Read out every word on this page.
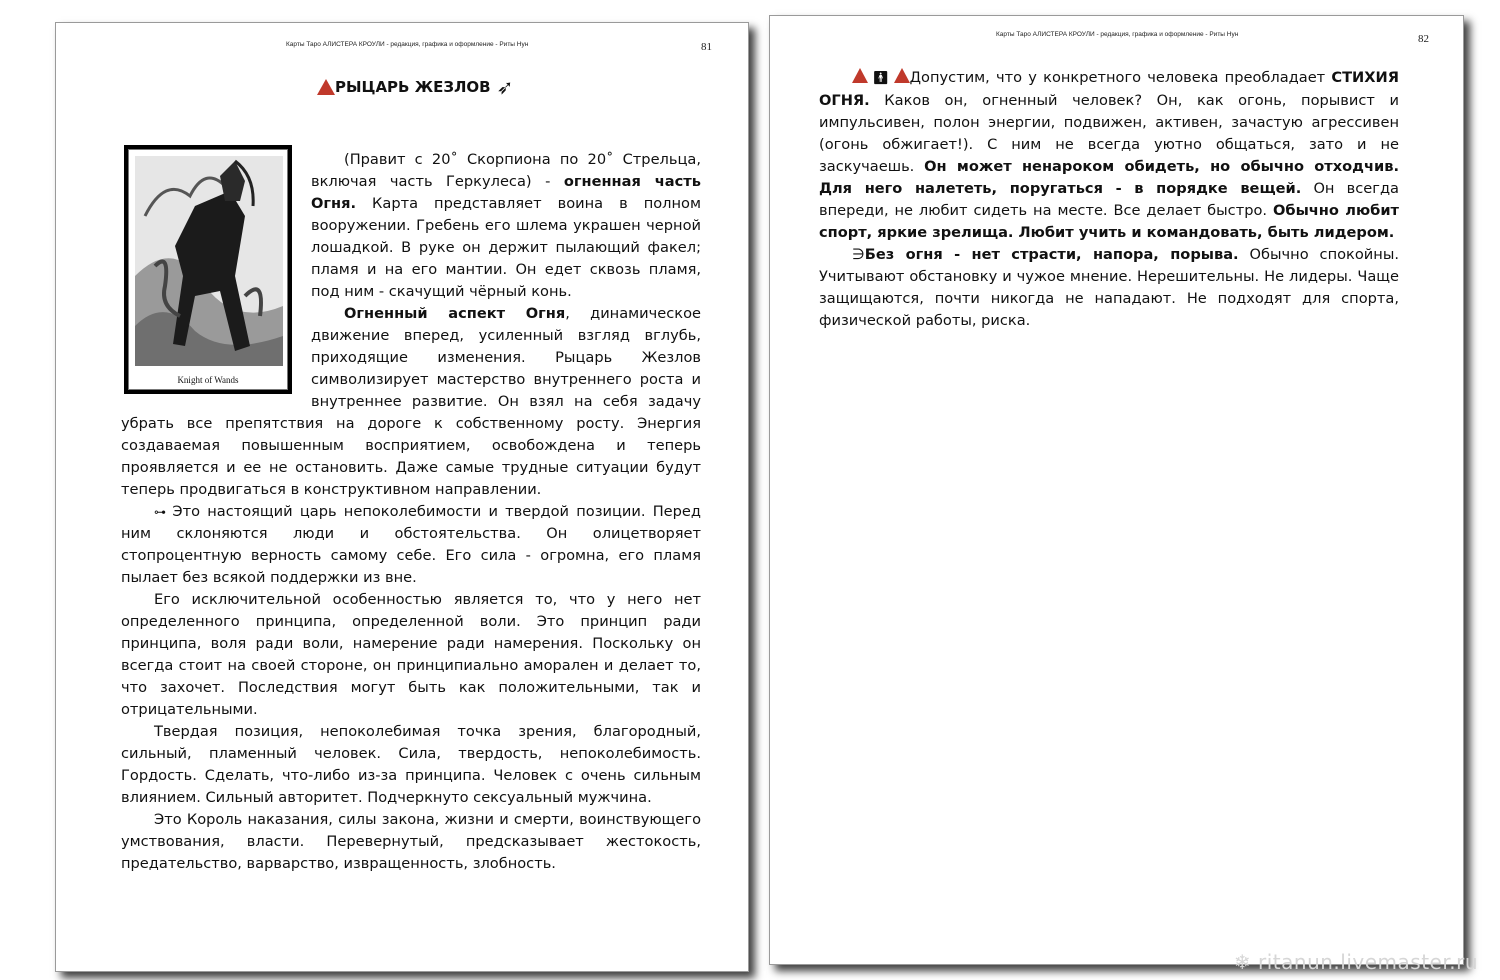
Карты Таро АЛИСТЕРА КРОУЛИ - редакция, графика и оформление - Риты Нун	81
РЫЦАРЬ ЖЕЗЛОВ ➶
Knight of Wands

(Правит с 20˚ Скорпиона по 20˚ Стрельца, включая часть Геркулеса) - огненная часть Огня. Карта представляет воина в полном вооружении. Гребень его шлема украшен черной лошадкой. В руке он держит пылающий факел; пламя и на его мантии. Он едет сквозь пламя, под ним - скачущий чёрный конь.

Огненный аспект Огня, динамическое движение вперед, усиленный взгляд вглубь, приходящие изменения. Рыцарь Жезлов символизирует мастерство внутреннего роста и внутреннее развитие. Он взял на себя задачу убрать все препятствия на дороге к собственному росту. Энергия создаваемая повышенным восприятием, освобождена и теперь проявляется и ее не остановить. Даже самые трудные ситуации будут теперь продвигаться в конструктивном направлении.

⊶ Это настоящий царь непоколебимости и твердой позиции. Перед ним склоняются люди и обстоятельства. Он олицетворяет стопроцентную верность самому себе. Его сила - огромна, его пламя пылает без всякой поддержки из вне.

Его исключительной особенностью является то, что у него нет определенного принципа, определенной воли. Это принцип ради принципа, воля ради воли, намерение ради намерения. Поскольку он всегда стоит на своей стороне, он принципиально аморален и делает то, что захочет. Последствия могут быть как положительными, так и отрицательными.

Твердая позиция, непоколебимая точка зрения, благородный, сильный, пламенный человек. Сила, твердость, непоколебимость. Гордость. Сделать, что-либо из-за принципа. Человек с очень сильным влиянием. Сильный авторитет. Подчеркнуто сексуальный мужчина.

Это Король наказания, силы закона, жизни и смерти, воинствующего умствования, власти. Перевернутый, предсказывает жестокость, предательство, варварство, извращенность, злобность.

Карты Таро АЛИСТЕРА КРОУЛИ - редакция, графика и оформление - Риты Нун	82

🚹︎ Допустим, что у конкретного человека преобладает СТИХИЯ ОГНЯ. Каков он, огненный человек? Он, как огонь, порывист и импульсивен, полон энергии, подвижен, активен, зачастую агрессивен (огонь обжигает!). С ним не всегда уютно общаться, зато и не заскучаешь. Он может ненароком обидеть, но обычно отходчив. Для него налететь, поругаться - в порядке вещей. Он всегда впереди, не любит сидеть на месте. Все делает быстро. Обычно любит спорт, яркие зрелища. Любит учить и командовать, быть лидером.

∋Без огня - нет страсти, напора, порыва. Обычно спокойны. Учитывают обстановку и чужое мнение. Нерешительны. Не лидеры. Чаще защищаются, почти никогда не нападают. Не подходят для спорта, физической работы, риска.

❄ ritanun.livemaster.ru
